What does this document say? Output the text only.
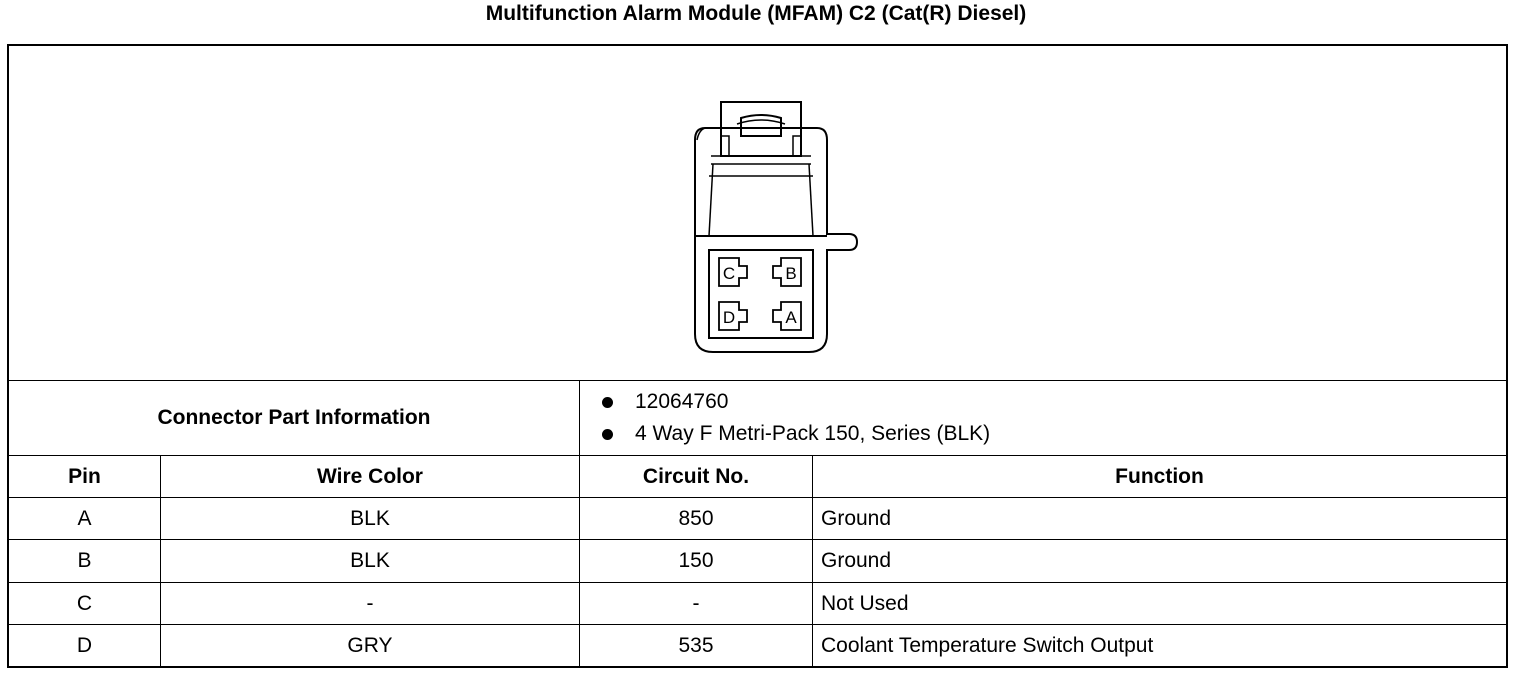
Multifunction Alarm Module (MFAM) C2 (Cat(R) Diesel)
C	B
D	A
Connector Part Information
12064760
4 Way F Metri-Pack 150, Series (BLK)
Pin	Wire Color	Circuit No.	Function
A	BLK	850	Ground
B	BLK	150	Ground
C	-	-	Not Used
D	GRY	535	Coolant Temperature Switch Output
